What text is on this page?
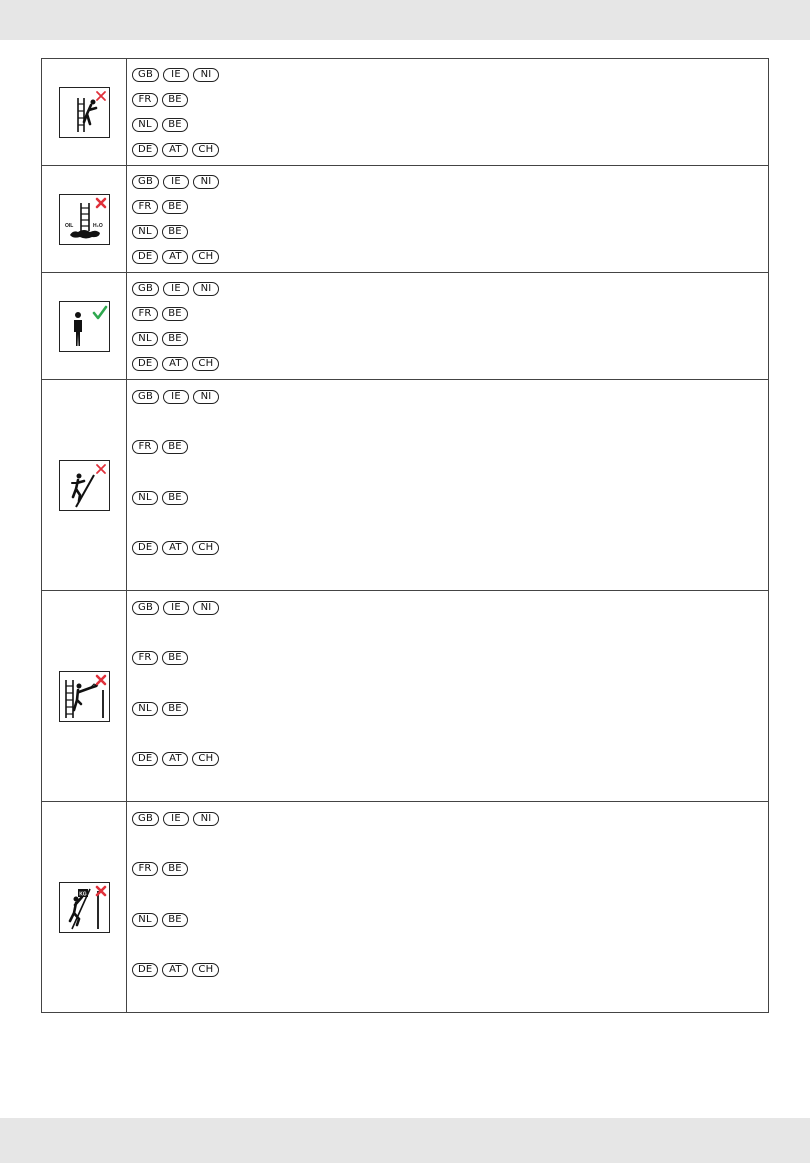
GB	IE	NI
FR	BE
NL	BE
DE	AT	CH
OIL	H₂O
GB	IE	NI
FR	BE
NL	BE
DE	AT	CH
GB	IE	NI
FR	BE
NL	BE
DE	AT	CH
GB	IE	NI
FR	BE
NL	BE
DE	AT	CH
GB	IE	NI
FR	BE
NL	BE
DE	AT	CH
KG
GB	IE	NI
FR	BE
NL	BE
DE	AT	CH
